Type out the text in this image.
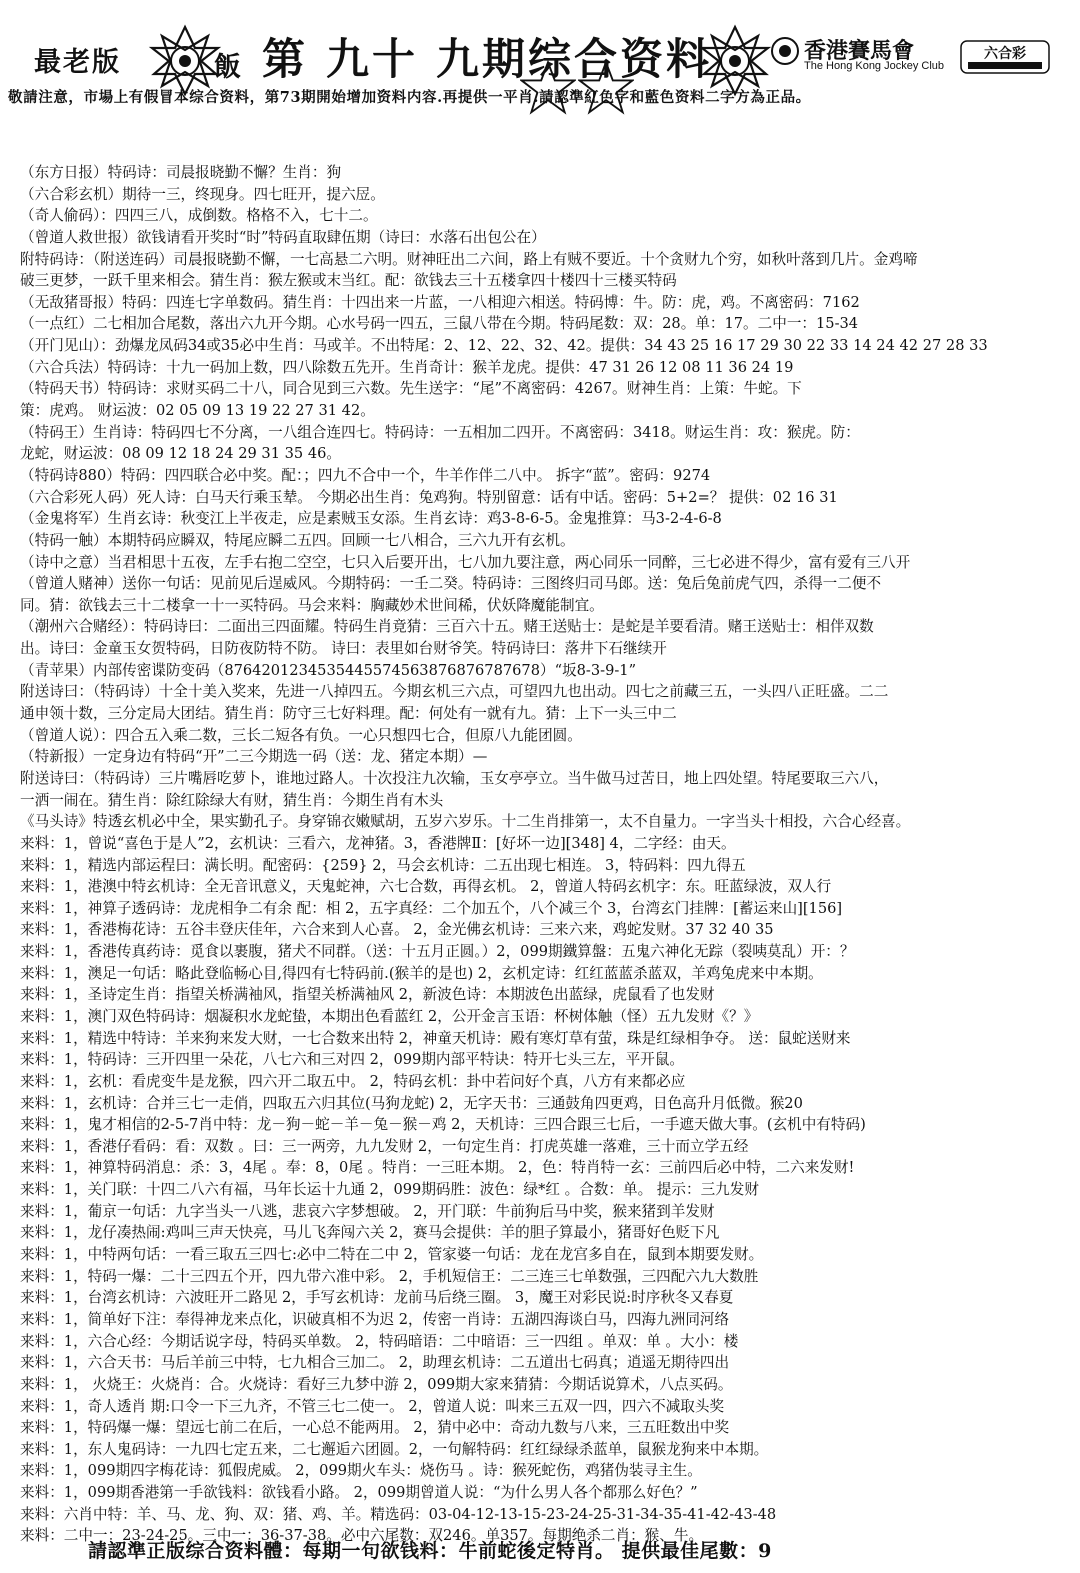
最老版	飯 第 九十 九期综合资料	香港賽馬會
The Hong Kong Jockey Club
六合彩
敬請注意，市場上有假冒本综合资料，第73期開始增加资料内容.再提供一平肖.請認準紅色字和藍色资料二字方為正品。
（东方日报）特码诗：司晨报晓勤不懈？生肖：狗
（六合彩玄机）期待一三，终现身。四七旺开，提六㞐。
（奇人偷码）：四四三八，成倒数。格格不入，七十二。
（曾道人救世报）欲钱请看开奖时“时”特码直取肆伍期（诗曰：水落石出包公在）
附特码诗：（附送连码）司晨报晓勤不懈，一七高悬二六明。财神旺出二六间，路上有贼不要近。十个贪财九个穷，如秋叶落到几片。金鸡啼
破三更梦，一跃千里来相会。猜生肖：猴左猴或末当红。配：欲钱去三十五楼拿四十楼四十三楼买特码
（无敌猪哥报）特码：四连七字单数码。猜生肖：十四出来一片蓝，一八相迎六相送。特码博：牛。防：虎，鸡。不离密码：7162
（一点红）二七相加合尾数，落出六九开今期。心水号码一四五，三鼠八带在今期。特码尾数：双：28。单：17。二中一：15-34
（开门见山）：劲爆龙凤码34或35必中生肖：马或羊。不出特尾：2、12、22、32、42。提供：34 43 25 16 17 29 30 22 33 14 24 42 27 28 33
（六合兵法）特码诗：十九一码加上数，四八除数五先开。生肖奇计：猴羊龙虎。提供：47 31 26 12 08 11 36 24 19
（特码天书）特码诗：求财买码二十八，同合见到三六数。先生送字：“尾”不离密码：4267。财神生肖：上策：牛蛇。下
策：虎鸡。 财运波：02 05 09 13 19 22 27 31 42。
（特码王）生肖诗：特码四七不分离，一八组合连四七。特码诗：一五相加二四开。不离密码：3418。财运生肖：攻：猴虎。防：
龙蛇，财运波：08 09 12 18 24 29 31 35 46。
（特码诗880）特码：四四联合必中奖。配：；四九不合中一个，牛羊作伴二八中。 拆字“蓝”。密码：9274
（六合彩死人码）死人诗：白马天行乘玉辇。 今期必出生肖：兔鸡狗。特别留意：话有中话。密码：5+2=？ 提供：02 16 31
（金鬼将军）生肖玄诗：秋变江上半夜走，应是素贼玉女添。生肖玄诗：鸡3-8-6-5。金鬼推算：马3-2-4-6-8
（特码一触）本期特码应瞬双，特尾应瞬二五四。回顾一七八相合，三六九开有玄机。
（诗中之意）当君相思十五夜，左手右抱二空空，七只入后要开出，七八加九要注意，两心同乐一同醉，三七必进不得少，富有爱有三八开
（曾道人赌神）送你一句话：见前见后逞威风。今期特码：一壬二癸。特码诗：三图终归司马郎。送：兔后兔前虎气四，杀得一二便不
同。猜：欲钱去三十二楼拿一十一买特码。马会来料：胸藏妙术世间稀，伏妖降魔能制宜。
（潮州六合赌经）：特码诗曰：二面出三四面耀。特码生肖竟猜：三百六十五。赌王送贴士：是蛇是羊要看清。赌王送贴士：相伴双数
出。诗曰：金童玉女贺特码，日防夜防特不防。 诗曰：表里如台财爷笑。特码诗曰：落井下石继续开
（青苹果）内部传密谍防变码（8764201234535445574563876876787678）“坂8-3-9-1”
附送诗曰：（特码诗）十全十美入奖来，先进一八掉四五。今期玄机三六点，可望四九也出动。四七之前藏三五，一头四八正旺盛。二二
通申领十数，三分定局大团结。猜生肖：防守三七好料理。配：何处有一就有九。猜：上下一头三中二
（曾道人说）：四合五入乘二数，三长二短各有负。一心只想四七合，但原八九能团圆。
（特新报）一定身边有特码“开”二三今期选一码（送：龙、猪定本期）—
附送诗曰：（特码诗）三片嘴唇吃萝卜，谁地过路人。十次投注九次输，玉女亭亭立。当牛做马过苦日，地上四处望。特尾要取三六八，
一洒一闹在。猜生肖：除红除绿大有财，猜生肖：今期生肖有木头
《马头诗》特透玄机必中全，果实勤孔子。身穿锦衣嫩赋胡，五岁六岁乐。十二生肖排第一，太不自量力。一字当头十相投，六合心经喜。
来料：1，曾说“喜色于是人”2，玄机诀：三看六，龙神猪。3，香港牌Ⅱ：[好坏一边][348] 4，二字经：由天。
来料：1，精选内部运程曰：满长明。配密码：{259} 2，马会玄机诗：二五出现七相连。 3，特码料：四九得五
来料：1，港澳中特玄机诗：全无音讯意义，天鬼蛇神，六七合数，再得玄机。 2，曾道人特码玄机字：东。旺蓝绿波，双人行
来料：1，神算子透码诗：龙虎相争二有余 配：相 2，五字真经：二个加五个，八个减三个 3，台湾玄门挂牌：[蓄运来山][156]
来料：1，香港梅花诗：五谷丰登庆佳年，六合来到人心喜。 2，金光佛玄机诗：三来六来，鸡蛇发财。37 32 40 35
来料：1，香港传真药诗：觅食以裹腹，猪犬不同群。（送：十五月正圆。）2，099期鐵算盤：五鬼六神化无踪（裂咦莫乱）开：？
来料：1，澳足一句话：略此登临畅心目,得四有七特码前.(猴羊的是也) 2，玄机定诗：红红蓝蓝杀蓝双，羊鸡兔虎来中本期。
来料：1，圣诗定生肖：指望关桥满袖风，指望关桥满袖风 2，新波色诗：本期波色出蓝绿，虎鼠看了也发财
来料：1，澳门双色特码诗：烟凝积水龙蛇蛰，本期出色看蓝红 2，公开金言玉语：杯树体触（怪）五九发财《？》
来料：1，精选中特诗：羊来狗来发大财，一七合数来出特 2，神童天机诗：殿有寒灯草有萤，珠是红绿相争夺。 送：鼠蛇送财来
来料：1，特码诗：三开四里一朵花，八七六和三对四 2，099期内部平特诀：特开七头三左，平开鼠。
来料：1，玄机：看虎变牛是龙猴，四六开二取五中。 2，特码玄机：卦中若问好个真，八方有来都必应
来料：1，玄机诗：合并三七一走俏，四取五六归其位(马狗龙蛇) 2，无字天书：三通鼓角四更鸡，日色高升月低微。猴20
来料：1，鬼才相信的2-5-7肖中特：龙－狗－蛇－羊－兔－猴－鸡 2，天机诗：三四合跟三七后，一手遮天做大事。(玄机中有特码)
来料：1，香港仔看码：看：双数 。曰：三一两旁，九九发财 2，一句定生肖：打虎英雄一落难，三十而立学五经
来料：1，神算特码消息：杀：3，4尾 。奉：8，0尾 。特肖：一三旺本期。 2，色：特肖特一玄：三前四后必中特，二六来发财!
来料：1，关门联：十四二八六有福，马年长运十九通 2，099期码胜：波色：绿*红 。合数：单。 提示：三九发财
来料：1，葡京一句话：九字当头一八逃，悲哀六字梦想破。 2，开门联：牛前狗后马中奖，猴来猪到羊发财
来料：1，龙仔凑热闹:鸡叫三声天快亮，马儿飞奔闯六关 2，赛马会提供：羊的胆子算最小，猪哥好色贬下凡
来料：1，中特两句话：一看三取五三四七:必中二特在二中 2，管家婆一句话：龙在龙宫多自在，鼠到本期要发财。
来料：1，特码一爆：二十三四五个开，四九带六准中彩。 2，手机短信王：二三连三七单数强，三四配六九大数胜
来料：1，台湾玄机诗：六波旺开二路见 2，手写玄机诗：龙前马后绕三圈。 3，魔王对彩民说:时序秋冬又春夏
来料：1，简单好下注：奉得神龙来点化，识破真相不为迟 2，传密一肖诗：五湖四海谈白马，四海九洲同河络
来料：1，六合心经：今期话说字母，特码买单数。 2，特码暗语：二中暗语：三一四组 。单双：单 。大小：楼
来料：1，六合天书：马后羊前三中特，七九相合三加二。 2，助理玄机诗：二五道出七码真；逍遥无期待四出
来料：1， 火烧王：火烧肖：合。火烧诗：看好三九梦中游 2，099期大家来猜猜：今期话说算术，八点买码。
来料：1，奇人透肖 期:口令一下三九齐，不管三七二使一。 2，曾道人说：叫来三五双一四，四六不减取头奖
来料：1，特码爆一爆：望远七前二在后，一心总不能两用。 2，猜中必中：奇动九数与八来，三五旺数出中奖
来料：1，东人鬼码诗：一九四七定五来，二七邂逅六团圆。2，一句解特码：红红绿绿杀蓝单，鼠猴龙狗来中本期。
来料：1，099期四字梅花诗：狐假虎威。 2，099期火车头：烧伤马 。诗：猴死蛇伤，鸡猪伪装寻主生。
来料：1，099期香港第一手欲钱料：欲钱看小路。 2，099期曾道人说：“为什么男人各个都那么好色？”
来料：六肖中特：羊、马、龙、狗、双：猪、鸡、羊。精选码：03-04-12-13-15-23-24-25-31-34-35-41-42-43-48
来料：二中一：23-24-25。三中一：36-37-38。必中六尾数：双246。单357。每期绝杀二肖：猴、牛。
請認準正版综合资料體：每期一句欲钱料：牛前蛇後定特肖。 提供最佳尾數：9
